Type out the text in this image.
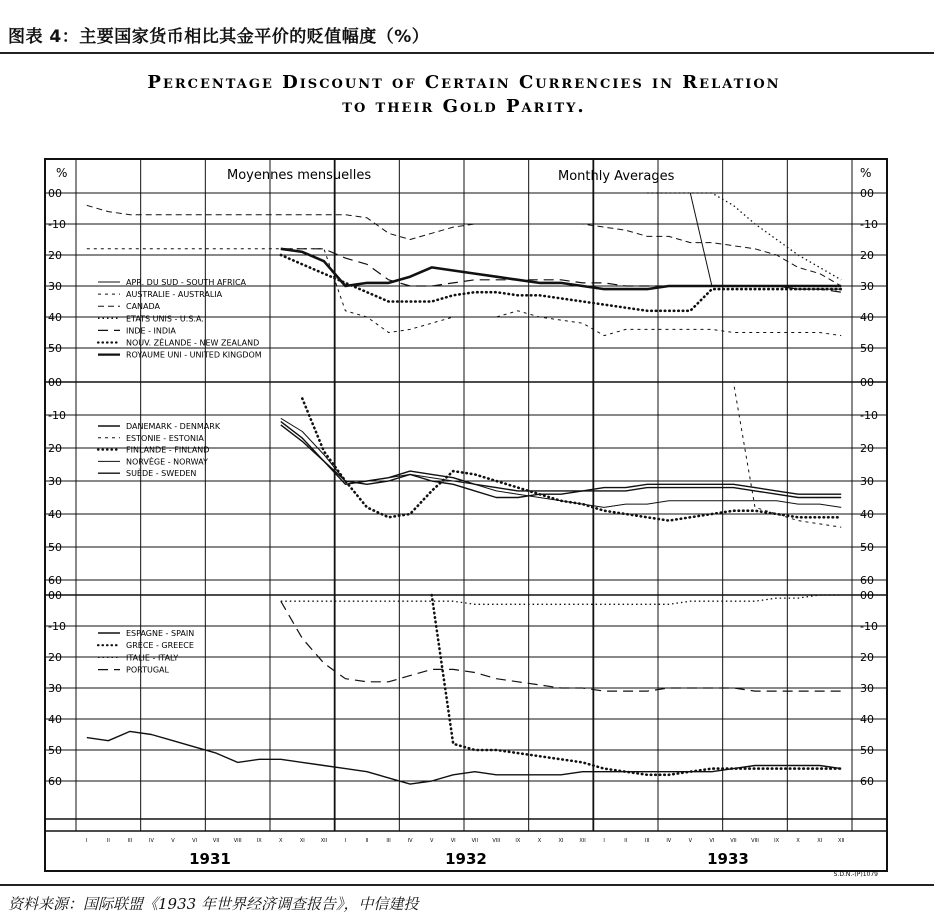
图表 4：主要国家货币相比其金平价的贬值幅度（%）
Percentage Discount of Certain Currencies in Relation
to their Gold Parity.
I	II	III	IV	V	VI	VII	VIII	IX	X	XI	XII	I	II	III	IV	V	VI	VII	VIII	IX	X	XI	XII	I	II	III	IV	V	VI	VII	VIII	IX	X	XI	XII
00	00
-10	-10
20	20
30	30
40	40
50	50
APR. DU SUD - SOUTH AFRICA
AUSTRALIE - AUSTRALIA
CANADA
ETATS UNIS - U.S.A.
INDE - INDIA
NOUV. ZÉLANDE - NEW ZEALAND
ROYAUME UNI - UNITED KINGDOM
00	00
-10	-10
20	20
30	30
40	40
50	50
60	60
DANEMARK - DENMARK
ESTONIE - ESTONIA
FINLANDE - FINLAND
NORVÈGE - NORWAY
SUÈDE - SWEDEN
00	00
-10	-10
20	20
30	30
40	40
50	50
60	60
ESPAGNE - SPAIN
GRÈCE - GREECE
ITALIE - ITALY
PORTUGAL
%	%
Moyennes mensuelles	Monthly Averages
1931	1932	1933
S.D.N.-(P)1079
资料来源：国际联盟《1933 年世界经济调查报告》，中信建投
